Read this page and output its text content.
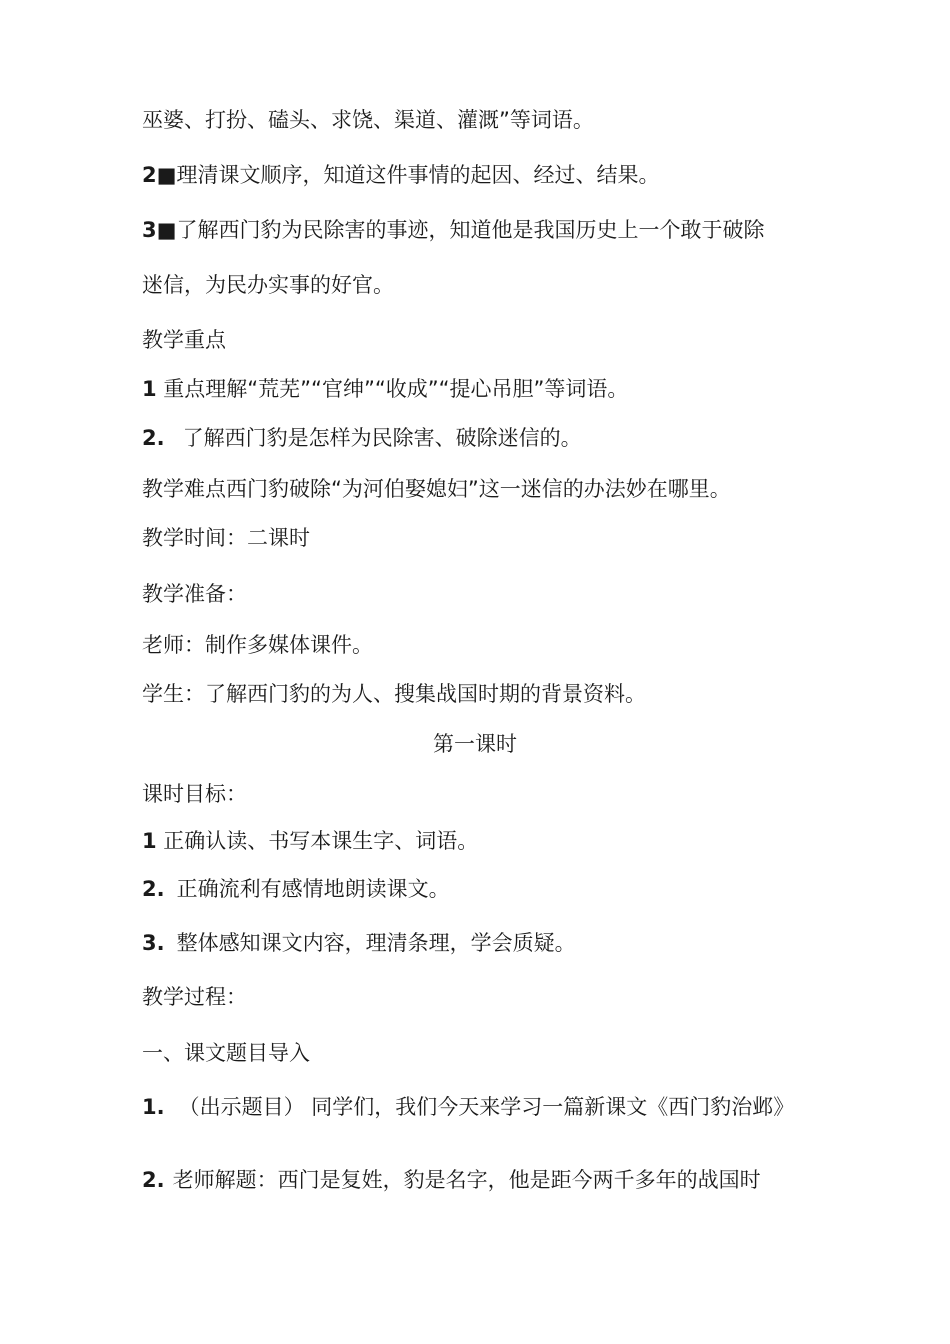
巫婆、打扮、磕头、求饶、渠道、灌溉”等词语。
2■理清课文顺序，知道这件事情的起因、经过、结果。
3■了解西门豹为民除害的事迹，知道他是我国历史上一个敢于破除
迷信，为民办实事的好官。
教学重点
1 重点理解“荒芜”“官绅”“收成”“提心吊胆”等词语。
2. 了解西门豹是怎样为民除害、破除迷信的。
教学难点西门豹破除“为河伯娶媳妇”这一迷信的办法妙在哪里。
教学时间：二课时
教学准备：
老师：制作多媒体课件。
学生：了解西门豹的为人、搜集战国时期的背景资料。
第一课时
课时目标：
1 正确认读、书写本课生字、词语。
2. 正确流利有感情地朗读课文。
3. 整体感知课文内容，理清条理，学会质疑。
教学过程：
一、课文题目导入
1. （出示题目） 同学们，我们今天来学习一篇新课文《西门豹治邺》
2. 老师解题：西门是复姓，豹是名字，他是距今两千多年的战国时
